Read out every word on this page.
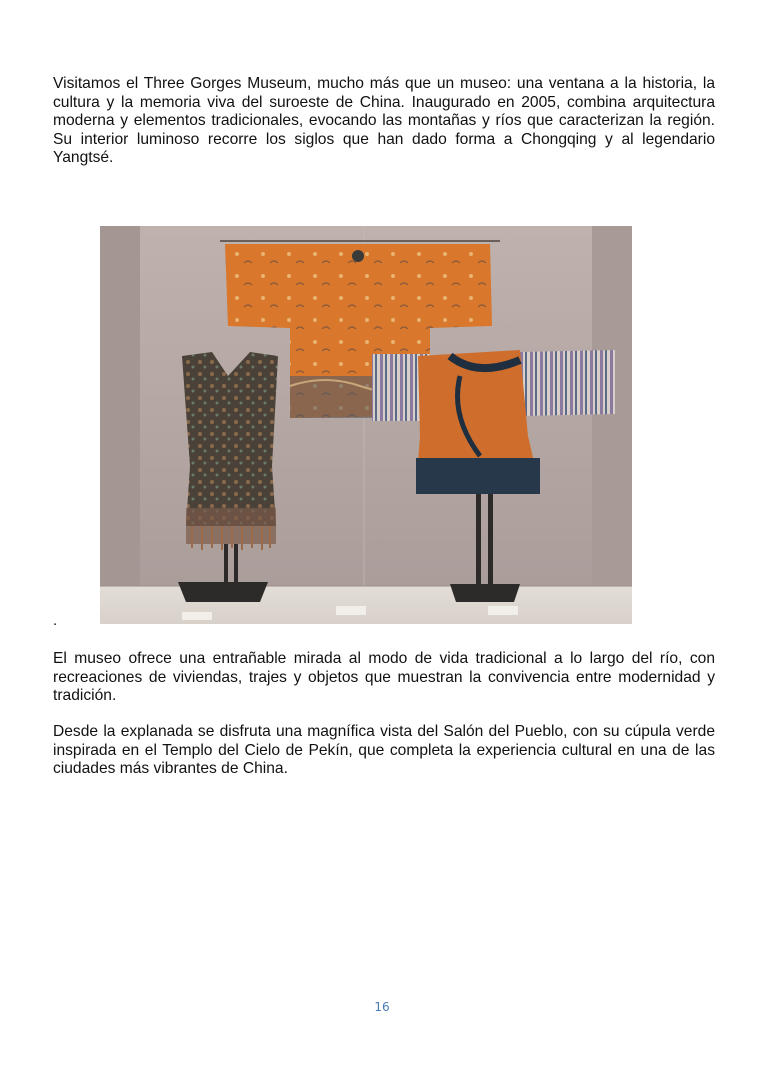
Visitamos el Three Gorges Museum, mucho más que un museo: una ventana a la historia, la cultura y la memoria viva del suroeste de China. Inaugurado en 2005, combina arquitectura moderna y elementos tradicionales, evocando las montañas y ríos que caracterizan la región. Su interior luminoso recorre los siglos que han dado forma a Chongqing y al legendario Yangtsé.

.

El museo ofrece una entrañable mirada al modo de vida tradicional a lo largo del río, con recreaciones de viviendas, trajes y objetos que muestran la convivencia entre modernidad y tradición.

Desde la explanada se disfruta una magnífica vista del Salón del Pueblo, con su cúpula verde inspirada en el Templo del Cielo de Pekín, que completa la experiencia cultural en una de las ciudades más vibrantes de China.

16
